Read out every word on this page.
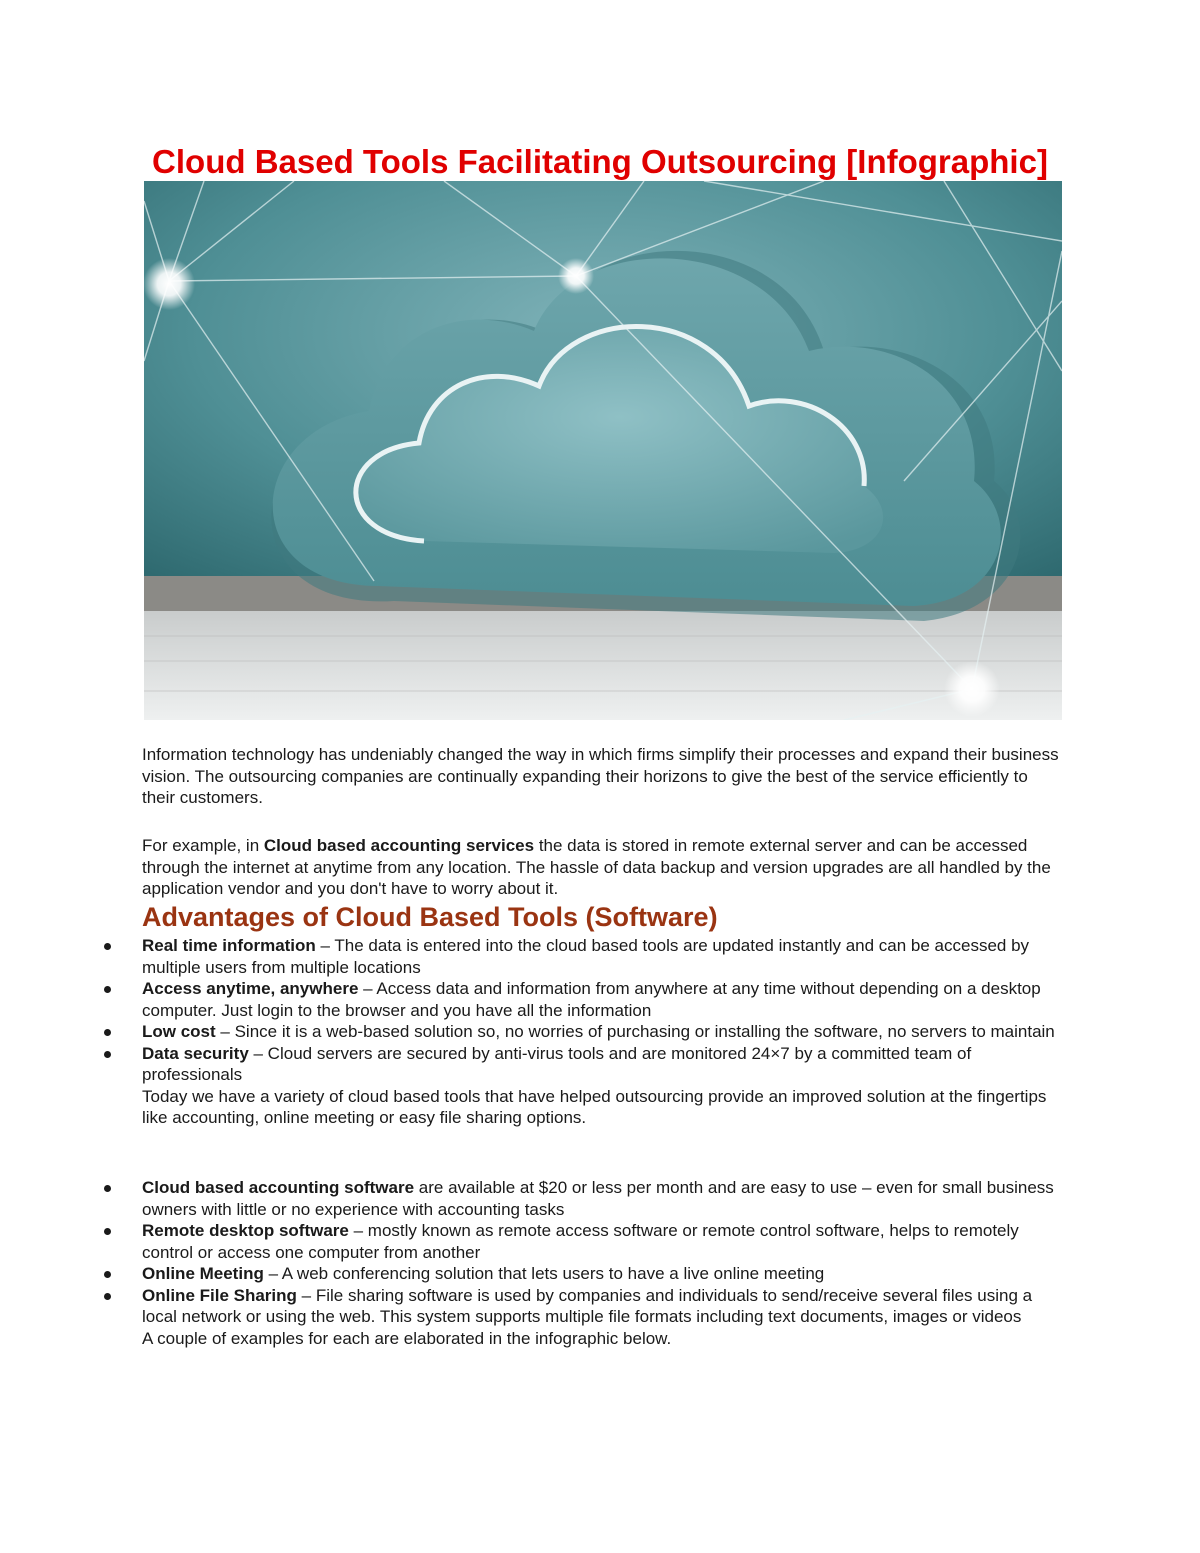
Cloud Based Tools Facilitating Outsourcing [Infographic]

Information technology has undeniably changed the way in which firms simplify their processes and expand their business vision. The outsourcing companies are continually expanding their horizons to give the best of the service efficiently to their customers.

For example, in Cloud based accounting services the data is stored in remote external server and can be accessed through the internet at anytime from any location. The hassle of data backup and version upgrades are all handled by the application vendor and you don't have to worry about it.

Advantages of Cloud Based Tools (Software)
Real time information – The data is entered into the cloud based tools are updated instantly and can be accessed by multiple users from multiple locations
Access anytime, anywhere – Access data and information from anywhere at any time without depending on a desktop computer. Just login to the browser and you have all the information
Low cost – Since it is a web-based solution so, no worries of purchasing or installing the software, no servers to maintain
Data security – Cloud servers are secured by anti-virus tools and are monitored 24×7 by a committed team of professionals
Today we have a variety of cloud based tools that have helped outsourcing provide an improved solution at the fingertips like accounting, online meeting or easy file sharing options.
Cloud based accounting software are available at $20 or less per month and are easy to use – even for small business owners with little or no experience with accounting tasks
Remote desktop software – mostly known as remote access software or remote control software, helps to remotely control or access one computer from another
Online Meeting – A web conferencing solution that lets users to have a live online meeting
Online File Sharing – File sharing software is used by companies and individuals to send/receive several files using a local network or using the web. This system supports multiple file formats including text documents, images or videos
A couple of examples for each are elaborated in the infographic below.
